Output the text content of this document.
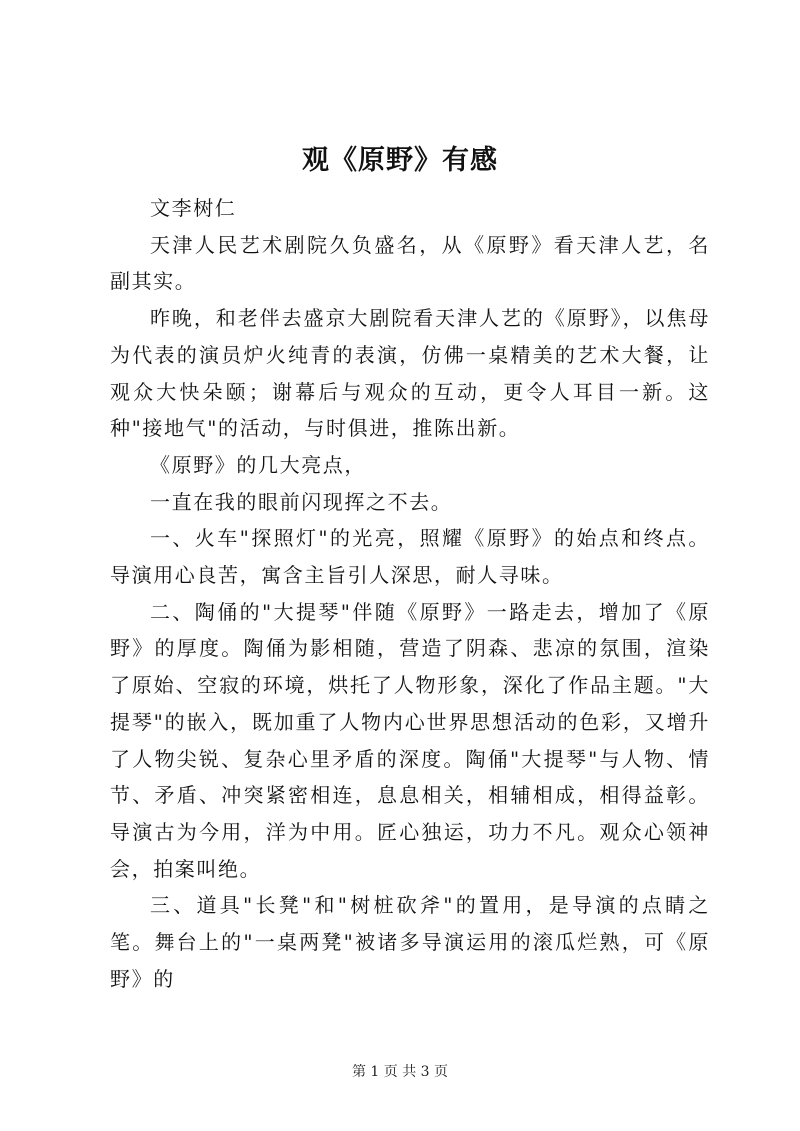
观《原野》有感

文李树仁

天津人民艺术剧院久负盛名，从《原野》看天津人艺，名副其实。

昨晚，和老伴去盛京大剧院看天津人艺的《原野》，以焦母为代表的演员炉火纯青的表演，仿佛一桌精美的艺术大餐，让观众大快朵颐；谢幕后与观众的互动，更令人耳目一新。这种"接地气"的活动，与时俱进，推陈出新。

《原野》的几大亮点，

一直在我的眼前闪现挥之不去。

一、火车"探照灯"的光亮，照耀《原野》的始点和终点。导演用心良苦，寓含主旨引人深思，耐人寻味。

二、陶俑的"大提琴"伴随《原野》一路走去，增加了《原野》的厚度。陶俑为影相随，营造了阴森、悲凉的氛围，渲染了原始、空寂的环境，烘托了人物形象，深化了作品主题。"大提琴"的嵌入，既加重了人物内心世界思想活动的色彩，又增升了人物尖锐、复杂心里矛盾的深度。陶俑"大提琴"与人物、情节、矛盾、冲突紧密相连，息息相关，相辅相成，相得益彰。导演古为今用，洋为中用。匠心独运，功力不凡。观众心领神会，拍案叫绝。

三、道具"长凳"和"树桩砍斧"的置用，是导演的点睛之笔。舞台上的"一桌两凳"被诸多导演运用的滚瓜烂熟，可《原野》的

第 1 页 共 3 页
